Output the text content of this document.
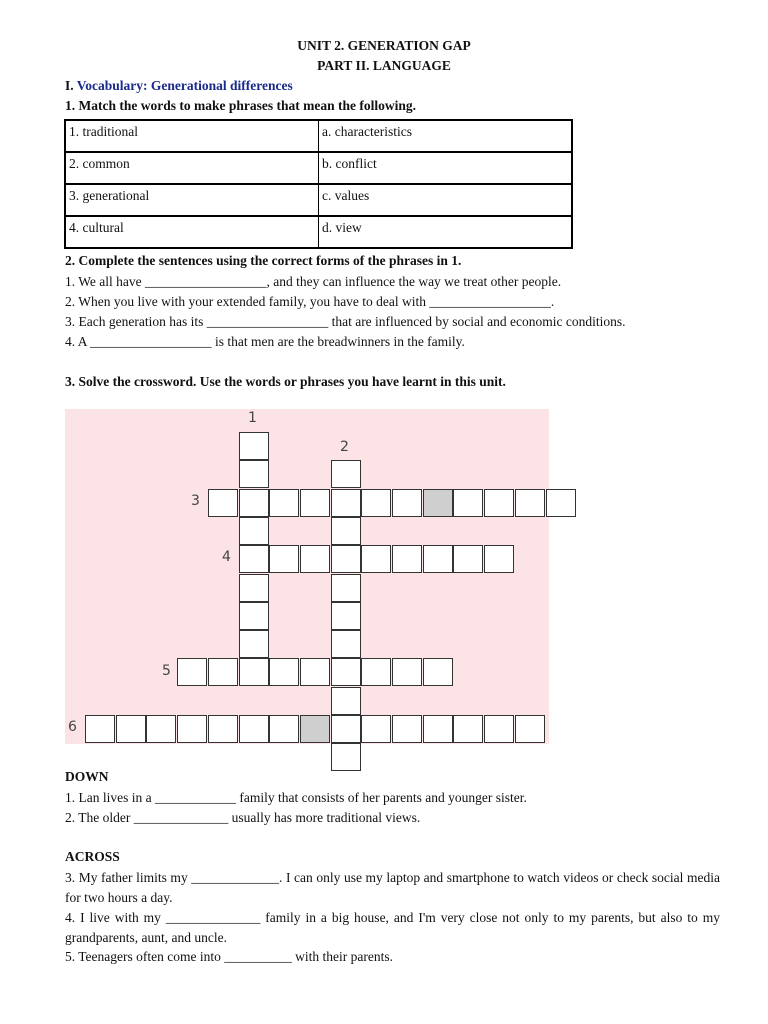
UNIT 2. GENERATION GAP
PART II. LANGUAGE
I. Vocabulary: Generational differences
1. Match the words to make phrases that mean the following.
1. traditional	a. characteristics
2. common	b. conflict
3. generational	c. values
4. cultural	d. view
2. Complete the sentences using the correct forms of the phrases in 1.
1. We all have __________________, and they can influence the way we treat other people.
2. When you live with your extended family, you have to deal with __________________.
3. Each generation has its __________________ that are influenced by social and economic conditions.
4. A __________________ is that men are the breadwinners in the family.
3. Solve the crossword. Use the words or phrases you have learnt in this unit.
1
2
3
4
5
6
DOWN
1. Lan lives in a ____________ family that consists of her parents and younger sister.
2. The older ______________ usually has more traditional views.
ACROSS
3. My father limits my _____________. I can only use my laptop and smartphone to watch videos or check social media for two hours a day.
4. I live with my ______________ family in a big house, and I'm very close not only to my parents, but also to my grandparents, aunt, and uncle.
5. Teenagers often come into __________ with their parents.
